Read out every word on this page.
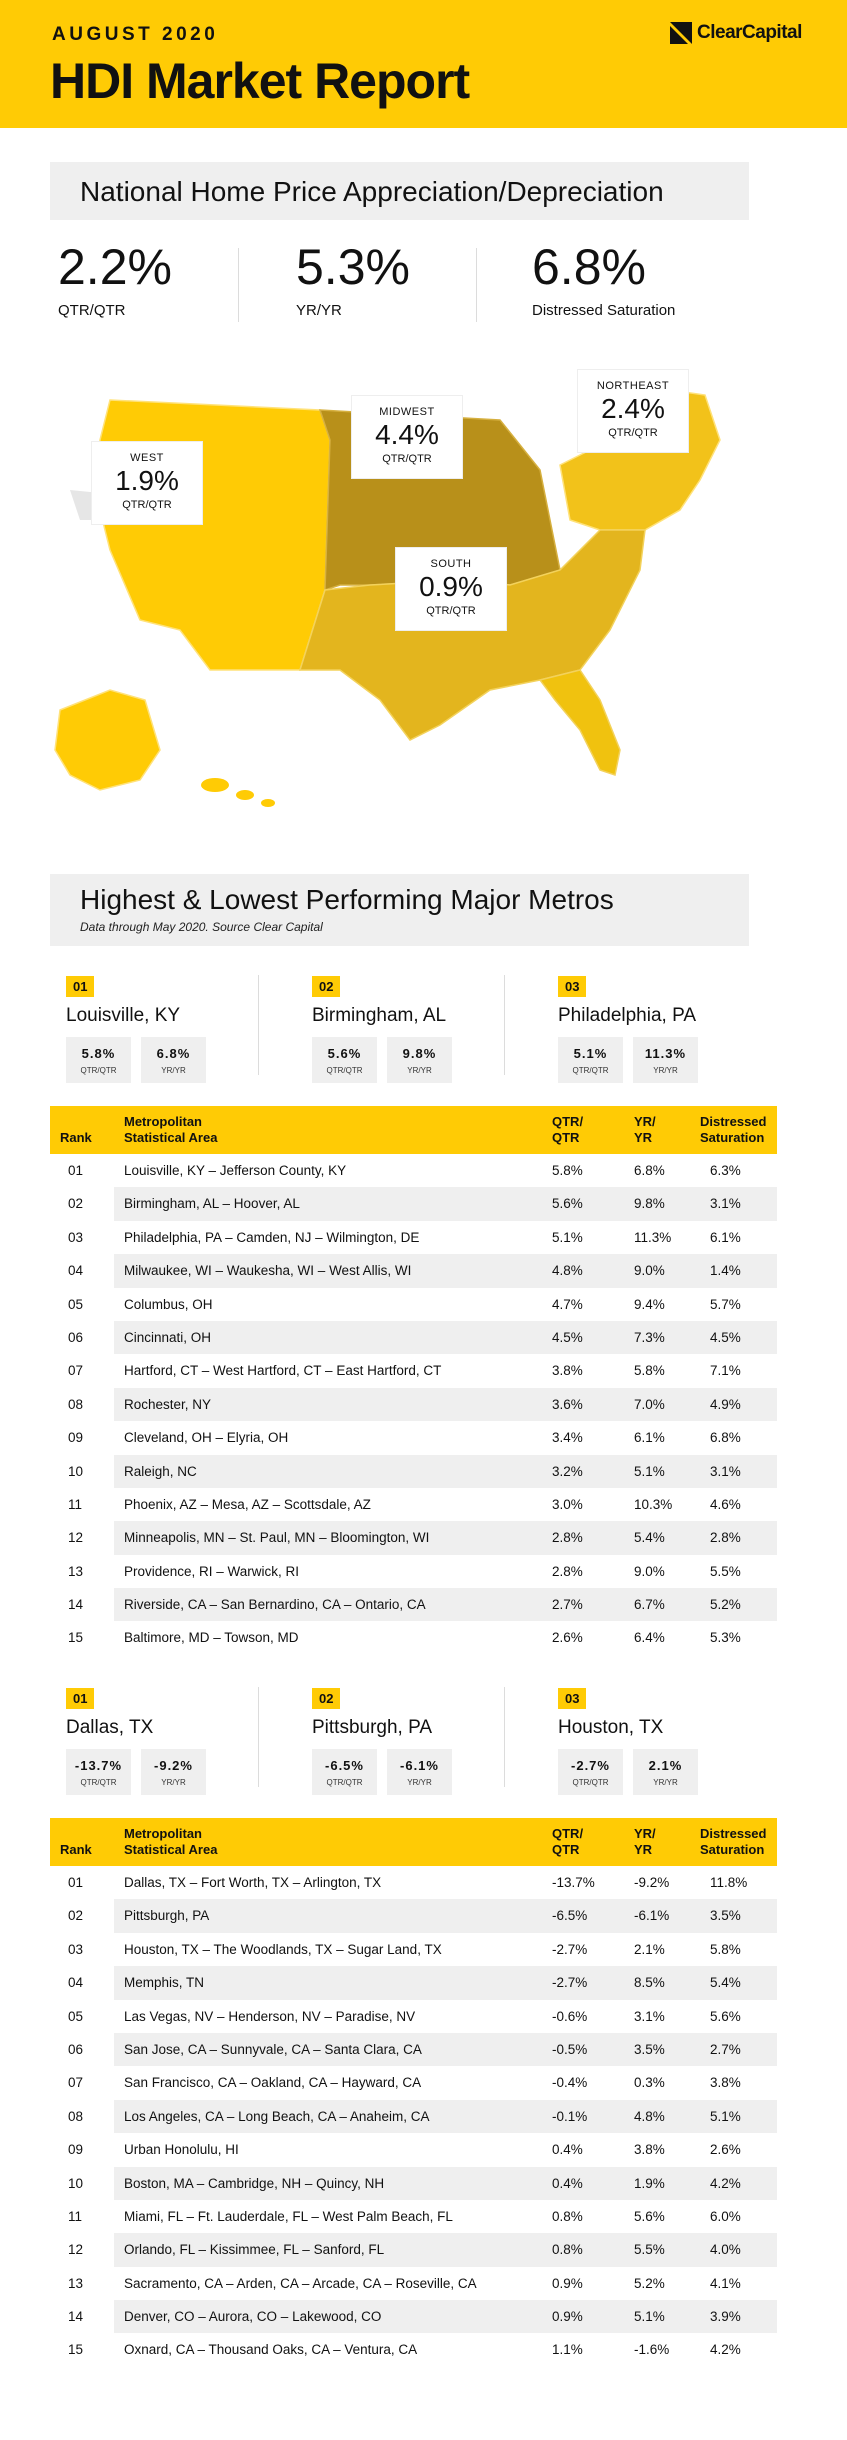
AUGUST 2020
HDI Market Report
ClearCapital
National Home Price Appreciation/Depreciation
2.2%
QTR/QTR
5.3%
YR/YR
6.8%
Distressed Saturation
WEST
1.9%
QTR/QTR
MIDWEST
4.4%
QTR/QTR
NORTHEAST
2.4%
QTR/QTR
SOUTH
0.9%
QTR/QTR
Highest & Lowest Performing Major Metros
Data through May 2020. Source Clear Capital
01
Louisville, KY
5.8%
QTR/QTR
6.8%
YR/YR
02
Birmingham, AL
5.6%
QTR/QTR
9.8%
YR/YR
03
Philadelphia, PA
5.1%
QTR/QTR
11.3%
YR/YR
Rank
Metropolitan
Statistical Area
QTR/
QTR
YR/
YR
Distressed
Saturation
01	Louisville, KY – Jefferson County, KY	5.8%	6.8%	6.3%
02	Birmingham, AL – Hoover, AL	5.6%	9.8%	3.1%
03	Philadelphia, PA – Camden, NJ – Wilmington, DE	5.1%	11.3%	6.1%
04	Milwaukee, WI – Waukesha, WI – West Allis, WI	4.8%	9.0%	1.4%
05	Columbus, OH	4.7%	9.4%	5.7%
06	Cincinnati, OH	4.5%	7.3%	4.5%
07	Hartford, CT – West Hartford, CT – East Hartford, CT	3.8%	5.8%	7.1%
08	Rochester, NY	3.6%	7.0%	4.9%
09	Cleveland, OH – Elyria, OH	3.4%	6.1%	6.8%
10	Raleigh, NC	3.2%	5.1%	3.1%
11	Phoenix, AZ – Mesa, AZ – Scottsdale, AZ	3.0%	10.3%	4.6%
12	Minneapolis, MN – St. Paul, MN – Bloomington, WI	2.8%	5.4%	2.8%
13	Providence, RI – Warwick, RI	2.8%	9.0%	5.5%
14	Riverside, CA – San Bernardino, CA – Ontario, CA	2.7%	6.7%	5.2%
15	Baltimore, MD – Towson, MD	2.6%	6.4%	5.3%
01
Dallas, TX
-13.7%
QTR/QTR
-9.2%
YR/YR
02
Pittsburgh, PA
-6.5%
QTR/QTR
-6.1%
YR/YR
03
Houston, TX
-2.7%
QTR/QTR
2.1%
YR/YR
Rank
Metropolitan
Statistical Area
QTR/
QTR
YR/
YR
Distressed
Saturation
01	Dallas, TX – Fort Worth, TX – Arlington, TX	-13.7%	-9.2%	11.8%
02	Pittsburgh, PA	-6.5%	-6.1%	3.5%
03	Houston, TX – The Woodlands, TX – Sugar Land, TX	-2.7%	2.1%	5.8%
04	Memphis, TN	-2.7%	8.5%	5.4%
05	Las Vegas, NV – Henderson, NV – Paradise, NV	-0.6%	3.1%	5.6%
06	San Jose, CA – Sunnyvale, CA – Santa Clara, CA	-0.5%	3.5%	2.7%
07	San Francisco, CA – Oakland, CA – Hayward, CA	-0.4%	0.3%	3.8%
08	Los Angeles, CA – Long Beach, CA – Anaheim, CA	-0.1%	4.8%	5.1%
09	Urban Honolulu, HI	0.4%	3.8%	2.6%
10	Boston, MA – Cambridge, NH – Quincy, NH	0.4%	1.9%	4.2%
11	Miami, FL – Ft. Lauderdale, FL – West Palm Beach, FL	0.8%	5.6%	6.0%
12	Orlando, FL – Kissimmee, FL – Sanford, FL	0.8%	5.5%	4.0%
13	Sacramento, CA – Arden, CA – Arcade, CA – Roseville, CA	0.9%	5.2%	4.1%
14	Denver, CO – Aurora, CO – Lakewood, CO	0.9%	5.1%	3.9%
15	Oxnard, CA – Thousand Oaks, CA – Ventura, CA	1.1%	-1.6%	4.2%
